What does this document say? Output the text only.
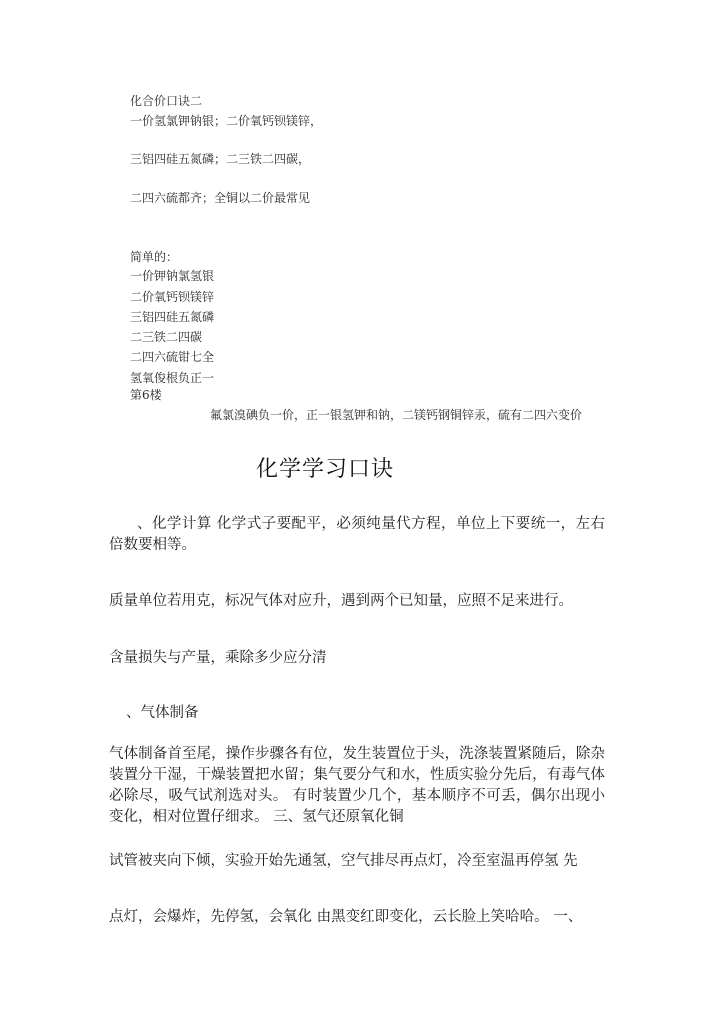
化合价口诀二
一价氢氯钾钠银；二价氧钙钡镁锌，
三铝四硅五氮磷；二三铁二四碳，
二四六硫都齐；全铜以二价最常见
简单的：
一价钾钠氯氢银
二价氧钙钡镁锌
三铝四硅五氮磷
二三铁二四碳
二四六硫钳七全
氢氧俊根负正一
第6楼
氟氯溴碘负一价，正一银氢钾和钠，二镁钙钢铜锌汞，硫有二四六变价
化学学习口诀
、化学计算 化学式子要配平，必须纯量代方程，单位上下要统一，左右倍数要相等。
质量单位若用克，标况气体对应升，遇到两个已知量，应照不足来进行。
含量损失与产量，乘除多少应分清
、气体制备
气体制备首至尾，操作步骤各有位，发生装置位于头，洗涤装置紧随后，除杂装置分干湿，干燥装置把水留；集气要分气和水，性质实验分先后，有毒气体必除尽，吸气试剂选对头。 有时装置少几个，基本顺序不可丢，偶尔出现小变化，相对位置仔细求。 三、氢气还原氧化铜
试管被夹向下倾，实验开始先通氢，空气排尽再点灯，冷至室温再停氢 先
点灯，会爆炸，先停氢，会氧化 由黑变红即变化，云长脸上笑哈哈。 一、
